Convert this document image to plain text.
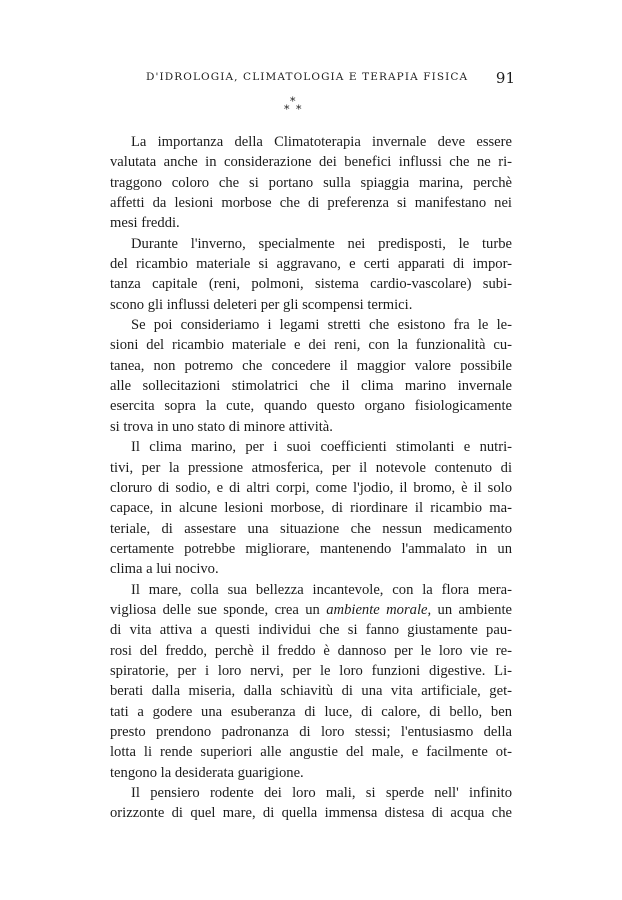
D'IDROLOGIA, CLIMATOLOGIA E TERAPIA FISICA 91
*
* *
La importanza della Climatoterapia invernale deve essere
valutata anche in considerazione dei benefici influssi che ne ri-
traggono coloro che si portano sulla spiaggia marina, perchè
affetti da lesioni morbose che di preferenza si manifestano nei
mesi freddi.
Durante l'inverno, specialmente nei predisposti, le turbe
del ricambio materiale si aggravano, e certi apparati di impor-
tanza capitale (reni, polmoni, sistema cardio-vascolare) subi-
scono gli influssi deleteri per gli scompensi termici.
Se poi consideriamo i legami stretti che esistono fra le le-
sioni del ricambio materiale e dei reni, con la funzionalità cu-
tanea, non potremo che concedere il maggior valore possibile
alle sollecitazioni stimolatrici che il clima marino invernale
esercita sopra la cute, quando questo organo fisiologicamente
si trova in uno stato di minore attività.
Il clima marino, per i suoi coefficienti stimolanti e nutri-
tivi, per la pressione atmosferica, per il notevole contenuto di
cloruro di sodio, e di altri corpi, come l'jodio, il bromo, è il solo
capace, in alcune lesioni morbose, di riordinare il ricambio ma-
teriale, di assestare una situazione che nessun medicamento
certamente potrebbe migliorare, mantenendo l'ammalato in un
clima a lui nocivo.
Il mare, colla sua bellezza incantevole, con la flora mera-
vigliosa delle sue sponde, crea un ambiente morale, un ambiente
di vita attiva a questi individui che si fanno giustamente pau-
rosi del freddo, perchè il freddo è dannoso per le loro vie re-
spiratorie, per i loro nervi, per le loro funzioni digestive. Li-
berati dalla miseria, dalla schiavitù di una vita artificiale, get-
tati a godere una esuberanza di luce, di calore, di bello, ben
presto prendono padronanza di loro stessi; l'entusiasmo della
lotta li rende superiori alle angustie del male, e facilmente ot-
tengono la desiderata guarigione.
Il pensiero rodente dei loro mali, si sperde nell' infinito
orizzonte di quel mare, di quella immensa distesa di acqua che
